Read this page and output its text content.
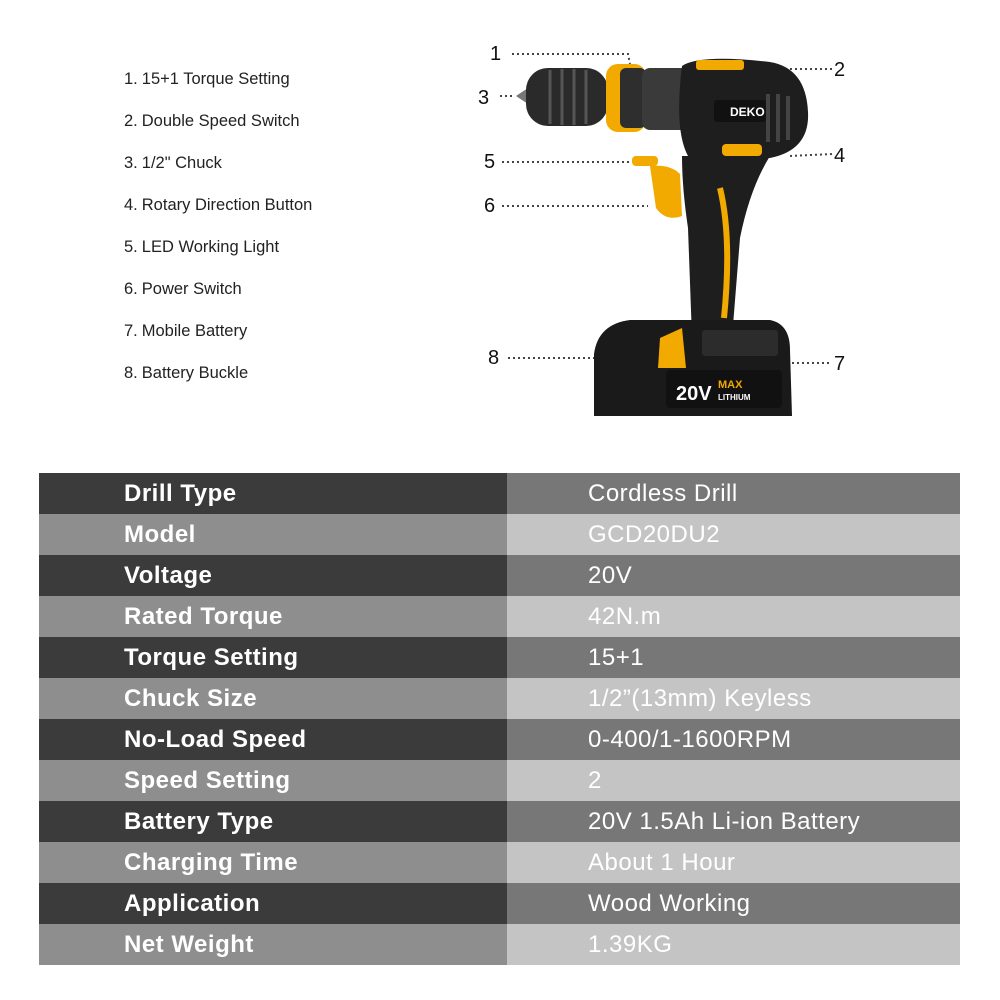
1. 15+1 Torque Setting
2. Double Speed Switch
3. 1/2" Chuck
4. Rotary Direction Button
5. LED Working Light
6. Power Switch
7. Mobile Battery
8. Battery Buckle
DEKO
20V MAX
LITHIUM
1
2
3
4
5
6
7
8
Drill Type	Cordless Drill
Model	GCD20DU2
Voltage	20V
Rated Torque	42N.m
Torque Setting	15+1
Chuck Size	1/2”(13mm) Keyless
No-Load Speed	0-400/1-1600RPM
Speed Setting	2
Battery Type	20V 1.5Ah Li-ion Battery
Charging Time	About 1 Hour
Application	Wood Working
Net Weight	1.39KG
